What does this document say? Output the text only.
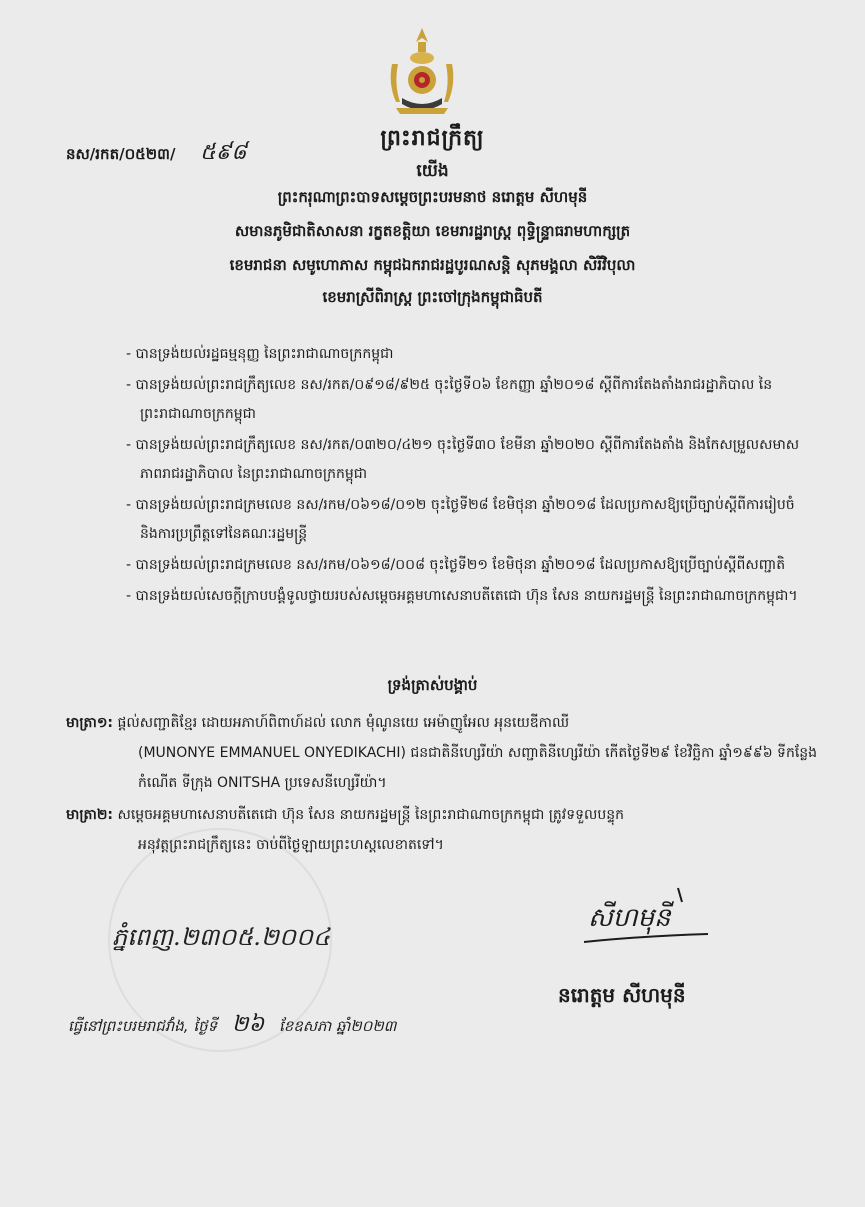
នស/រកត/០៥២៣/ ៥៩៨
ព្រះរាជក្រឹត្យ
យើង
ព្រះករុណាព្រះបាទសម្តេចព្រះបរមនាថ នរោត្តម សីហមុនី
សមានភូមិជាតិសាសនា រក្ខតខត្តិយា ខេមរារដ្ឋរាស្ត្រ ពុទ្ធិន្ទ្រាធរាមហាក្សត្រ
ខេមរាជនា សមូហោភាស កម្ពុជឯករាជរដ្ឋបូរណសន្តិ សុភមង្គលា សិរីវិបុលា
ខេមរាស្រីពិរាស្ត្រ ព្រះចៅក្រុងកម្ពុជាធិបតី
- បានទ្រង់យល់រដ្ឋធម្មនុញ្ញ នៃព្រះរាជាណាចក្រកម្ពុជា
- បានទ្រង់យល់ព្រះរាជក្រឹត្យលេខ នស/រកត/០៩១៨/៩២៥ ចុះថ្ងៃទី០៦ ខែកញ្ញា ឆ្នាំ២០១៨ ស្តីពីការតែងតាំងរាជរដ្ឋាភិបាល នៃព្រះរាជាណាចក្រកម្ពុជា
- បានទ្រង់យល់ព្រះរាជក្រឹត្យលេខ នស/រកត/០៣២០/៤២១ ចុះថ្ងៃទី៣០ ខែមីនា ឆ្នាំ២០២០ ស្តីពីការតែងតាំង និងកែសម្រួលសមាសភាពរាជរដ្ឋាភិបាល នៃព្រះរាជាណាចក្រកម្ពុជា
- បានទ្រង់យល់ព្រះរាជក្រមលេខ នស/រកម/០៦១៨/០១២ ចុះថ្ងៃទី២៨ ខែមិថុនា ឆ្នាំ២០១៨ ដែលប្រកាសឱ្យប្រើច្បាប់ស្តីពីការរៀបចំ និងការប្រព្រឹត្តទៅនៃគណៈរដ្ឋមន្ត្រី
- បានទ្រង់យល់ព្រះរាជក្រមលេខ នស/រកម/០៦១៨/០០៨ ចុះថ្ងៃទី២១ ខែមិថុនា ឆ្នាំ២០១៨ ដែលប្រកាសឱ្យប្រើច្បាប់ស្តីពីសញ្ជាតិ
- បានទ្រង់យល់សេចក្តីក្រាបបង្គំទូលថ្វាយរបស់សម្តេចអគ្គមហាសេនាបតីតេជោ ហ៊ុន សែន នាយករដ្ឋមន្ត្រី នៃព្រះរាជាណាចក្រកម្ពុជា។
ទ្រង់ត្រាស់បង្គាប់
មាត្រា១: ផ្តល់សញ្ជាតិខ្មែរ ដោយអភាហ៍ពិពាហ៍ដល់ លោក មុំណូនយេ អេម៉ាញូអែល អុនយេឌីកាឈី
(MUNONYE EMMANUEL ONYEDIKACHI) ជនជាតិនីហ្សេរីយ៉ា សញ្ជាតិនីហ្សេរីយ៉ា កើតថ្ងៃទី២៩ ខែវិច្ឆិកា ឆ្នាំ១៩៩៦ ទីកន្លែងកំណើត ទីក្រុង ONITSHA ប្រទេសនីហ្សេរីយ៉ា។
មាត្រា២: សម្តេចអគ្គមហាសេនាបតីតេជោ ហ៊ុន សែន នាយករដ្ឋមន្ត្រី នៃព្រះរាជាណាចក្រកម្ពុជា ត្រូវទទួលបន្ទុក
អនុវត្តព្រះរាជក្រឹត្យនេះ ចាប់ពីថ្ងៃឡាយព្រះហស្តលេខាតទៅ។
ភ្នំពេញ.២៣០៥.២០០៤
ធ្វើនៅព្រះបរមរាជវាំង, ថ្ងៃទី ២៦ ខែឧសភា ឆ្នាំ២០២៣
សីហមុនី
នរោត្តម សីហមុនី
